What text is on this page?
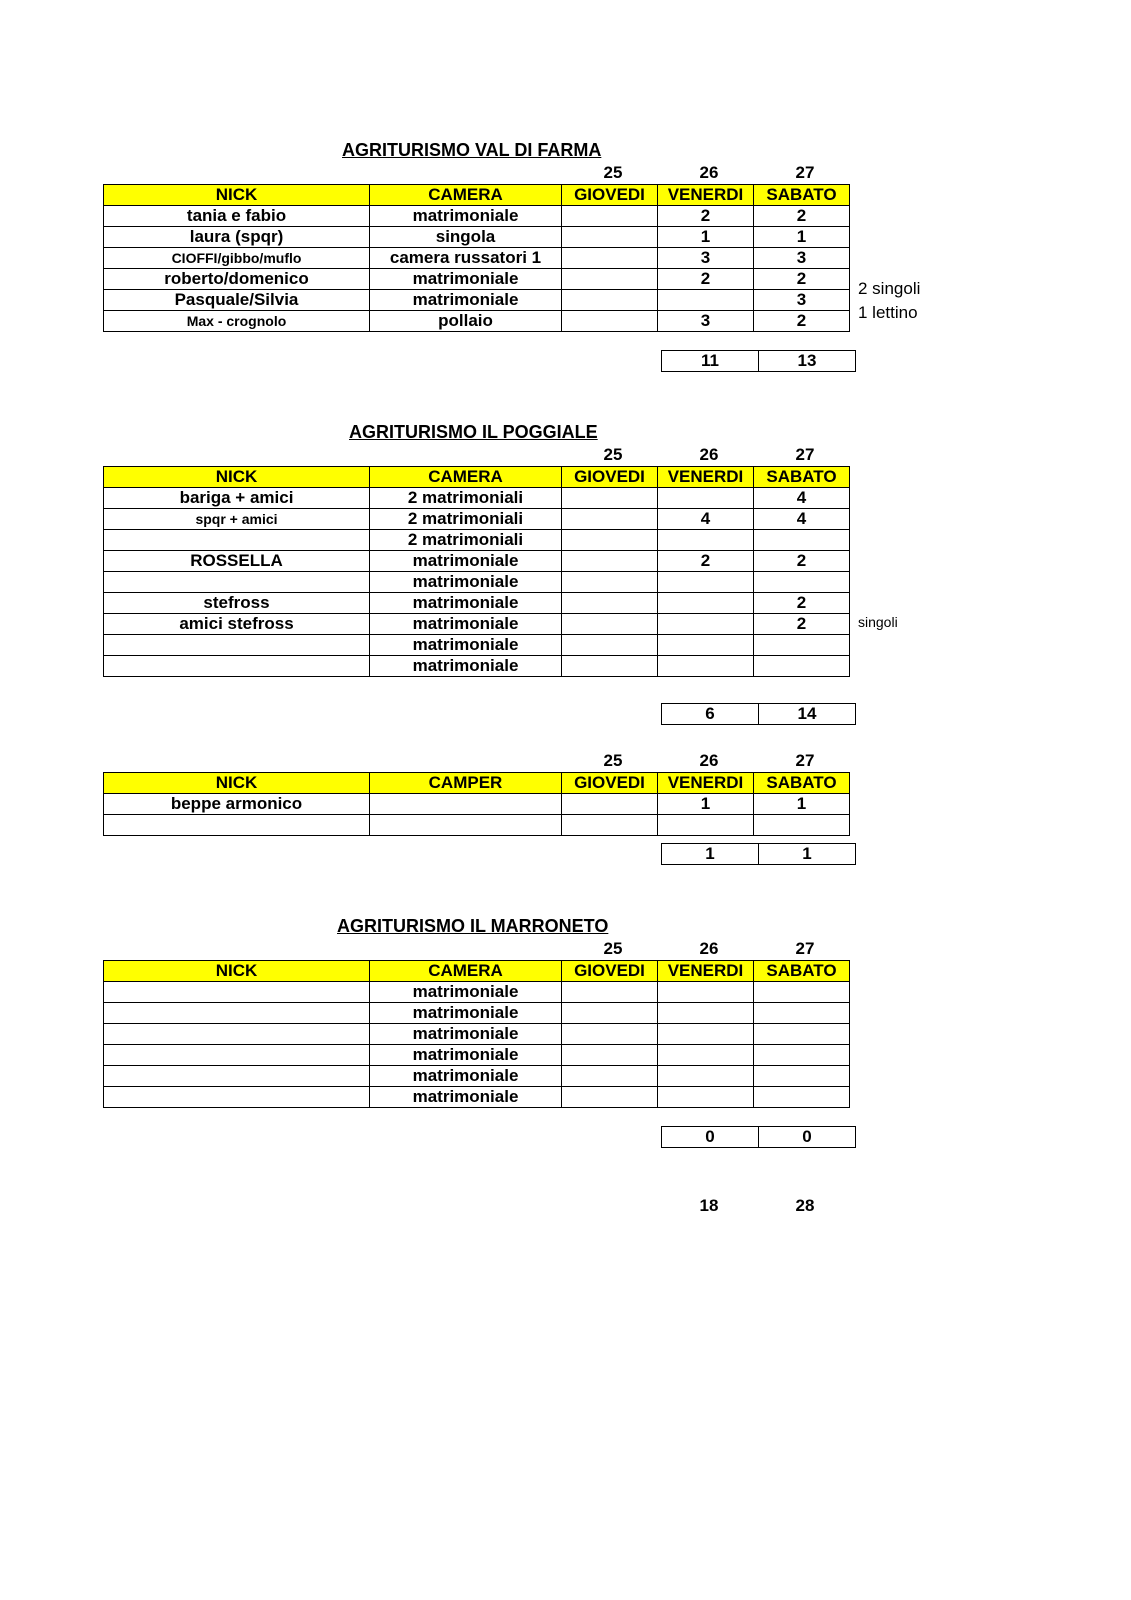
AGRITURISMO VAL DI FARMA
25	26	27
NICK	CAMERA	GIOVEDI	VENERDI	SABATO
tania e fabio	matrimoniale		2	2
laura (spqr)	singola		1	1
CIOFFI/gibbo/muflo	camera russatori 1		3	3
roberto/domenico	matrimoniale		2	2
Pasquale/Silvia	matrimoniale			3
Max - crognolo	pollaio		3	2
11	13
2 singoli
1 lettino
AGRITURISMO IL POGGIALE
25	26	27
NICK	CAMERA	GIOVEDI	VENERDI	SABATO
bariga + amici	2 matrimoniali			4
spqr + amici	2 matrimoniali		4	4
	2 matrimoniali			
ROSSELLA	matrimoniale		2	2
	matrimoniale			
stefross	matrimoniale			2
amici stefross	matrimoniale			2
	matrimoniale			
	matrimoniale			
6	14
singoli
25	26	27
NICK	CAMPER	GIOVEDI	VENERDI	SABATO
beppe armonico			1	1

1	1
AGRITURISMO IL MARRONETO
25	26	27
NICK	CAMERA	GIOVEDI	VENERDI	SABATO
	matrimoniale			
	matrimoniale			
	matrimoniale			
	matrimoniale			
	matrimoniale			
	matrimoniale			
0	0
18	28
